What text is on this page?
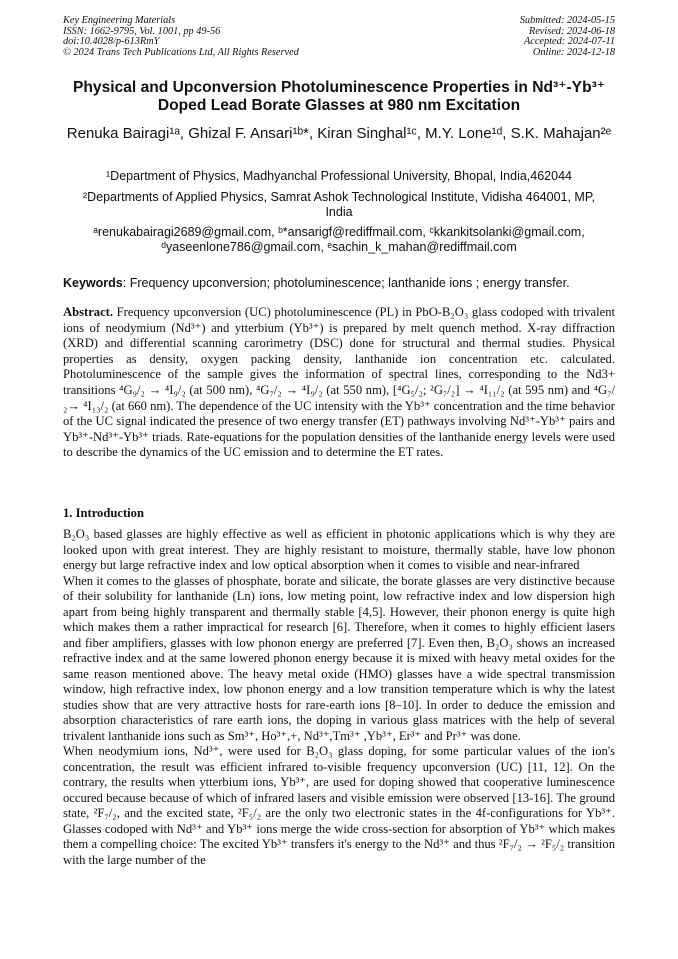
Key Engineering Materials
ISSN: 1662-9795, Vol. 1001, pp 49-56
doi:10.4028/p-613RmY
© 2024 Trans Tech Publications Ltd, All Rights Reserved
Submitted: 2024-05-15
Revised: 2024-06-18
Accepted: 2024-07-11
Online: 2024-12-18
Physical and Upconversion Photoluminescence Properties in Nd³⁺-Yb³⁺ Doped Lead Borate Glasses at 980 nm Excitation
Renuka Bairagi¹ᵃ, Ghizal F. Ansari¹ᵇ*, Kiran Singhal¹ᶜ, M.Y. Lone¹ᵈ, S.K. Mahajan²ᵉ
¹Department of Physics, Madhyanchal Professional University, Bhopal, India,462044
²Departments of Applied Physics, Samrat Ashok Technological Institute, Vidisha 464001, MP, India
ᵃrenukabairagi2689@gmail.com, ᵇ*ansarigf@rediffmail.com, ᶜkkankitsolanki@gmail.com, ᵈyaseenlone786@gmail.com, ᵉsachin_k_mahan@rediffmail.com
Keywords: Frequency upconversion; photoluminescence; lanthanide ions ; energy transfer.
Abstract. Frequency upconversion (UC) photoluminescence (PL) in PbO-B₂O₃ glass codoped with trivalent ions of neodymium (Nd³⁺) and ytterbium (Yb³⁺) is prepared by melt quench method. X-ray diffraction (XRD) and differential scanning carorimetry (DSC) done for structural and thermal studies. Physical properties as density, oxygen packing density, lanthanide ion concentration etc. calculated. Photoluminescence of the sample gives the information of spectral lines, corresponding to the Nd3+ transitions ⁴G₉/₂ → ⁴I₉/₂ (at 500 nm), ⁴G₇/₂ → ⁴I₉/₂ (at 550 nm), [⁴G₅/₂; ²G₇/₂] → ⁴I₁₁/₂ (at 595 nm) and ⁴G₇/₂→ ⁴I₁₃/₂ (at 660 nm). The dependence of the UC intensity with the Yb³⁺ concentration and the time behavior of the UC signal indicated the presence of two energy transfer (ET) pathways involving Nd³⁺-Yb³⁺ pairs and Yb³⁺-Nd³⁺-Yb³⁺ triads. Rate-equations for the population densities of the lanthanide energy levels were used to describe the dynamics of the UC emission and to determine the ET rates.
1. Introduction

B₂O₃ based glasses are highly effective as well as efficient in photonic applications which is why they are looked upon with great interest. They are highly resistant to moisture, thermally stable, have low phonon energy but large refractive index and low optical absorption when it comes to visible and near-infrared

When it comes to the glasses of phosphate, borate and silicate, the borate glasses are very distinctive because of their solubility for lanthanide (Ln) ions, low meting point, low refractive index and low dispersion high apart from being highly transparent and thermally stable [4,5]. However, their phonon energy is quite high which makes them a rather impractical for research [6]. Therefore, when it comes to highly efficient lasers and fiber amplifiers, glasses with low phonon energy are preferred [7]. Even then, B₂O₃ shows an increased refractive index and at the same lowered phonon energy because it is mixed with heavy metal oxides for the same reason mentioned above. The heavy metal oxide (HMO) glasses have a wide spectral transmission window, high refractive index, low phonon energy and a low transition temperature which is why the latest studies show that are very attractive hosts for rare-earth ions [8–10]. In order to deduce the emission and absorption characteristics of rare earth ions, the doping in various glass matrices with the help of several trivalent lanthanide ions such as Sm³⁺, Ho³⁺,+, Nd³⁺,Tm³⁺ ,Yb³⁺, Er³⁺ and Pr³⁺ was done.

When neodymium ions, Nd³⁺, were used for B₂O₃ glass doping, for some particular values of the ion's concentration, the result was efficient infrared to-visible frequency upconversion (UC) [11, 12]. On the contrary, the results when ytterbium ions, Yb³⁺, are used for doping showed that cooperative luminescence occured because because of which of infrared lasers and visible emission were observed [13-16]. The ground state, ²F₇/₂, and the excited state, ²F₅/₂ are the only two electronic states in the 4f-configurations for Yb³⁺. Glasses codoped with Nd³⁺ and Yb³⁺ ions merge the wide cross-section for absorption of Yb³⁺ which makes them a compelling choice: The excited Yb³⁺ transfers it's energy to the Nd³⁺ and thus ²F₇/₂ → ²F₅/₂ transition with the large number of the
